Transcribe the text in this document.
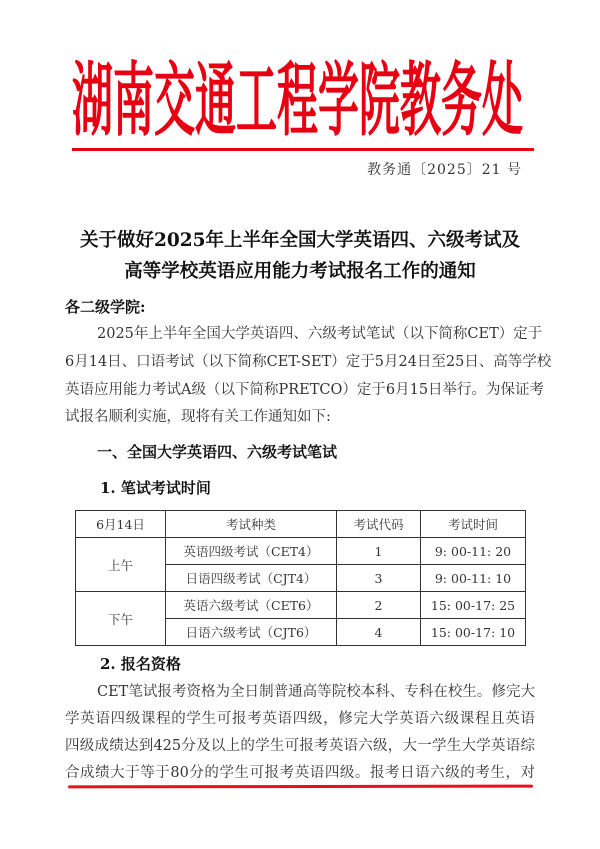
湖南交通工程学院教务处
教务通〔2025〕21 号
关于做好2025年上半年全国大学英语四、六级考试及
高等学校英语应用能力考试报名工作的通知
各二级学院:
2025年上半年全国大学英语四、六级考试笔试（以下简称CET）定于
6月14日、口语考试（以下简称CET-SET）定于5月24日至25日、高等学校
英语应用能力考试A级（以下简称PRETCO）定于6月15日举行。为保证考
试报名顺利实施，现将有关工作通知如下:
一、全国大学英语四、六级考试笔试
1. 笔试考试时间
6月14日	考试种类	考试代码	考试时间
上午	英语四级考试（CET4）	1	9: 00-11: 20
	日语四级考试（CJT4）	3	9: 00-11: 10
下午	英语六级考试（CET6）	2	15: 00-17: 25
	日语六级考试（CJT6）	4	15: 00-17: 10
2. 报名资格
CET笔试报考资格为全日制普通高等院校本科、专科在校生。修完大
学英语四级课程的学生可报考英语四级，修完大学英语六级课程且英语
四级成绩达到425分及以上的学生可报考英语六级，大一学生大学英语综
合成绩大于等于80分的学生可报考英语四级。报考日语六级的考生，对
